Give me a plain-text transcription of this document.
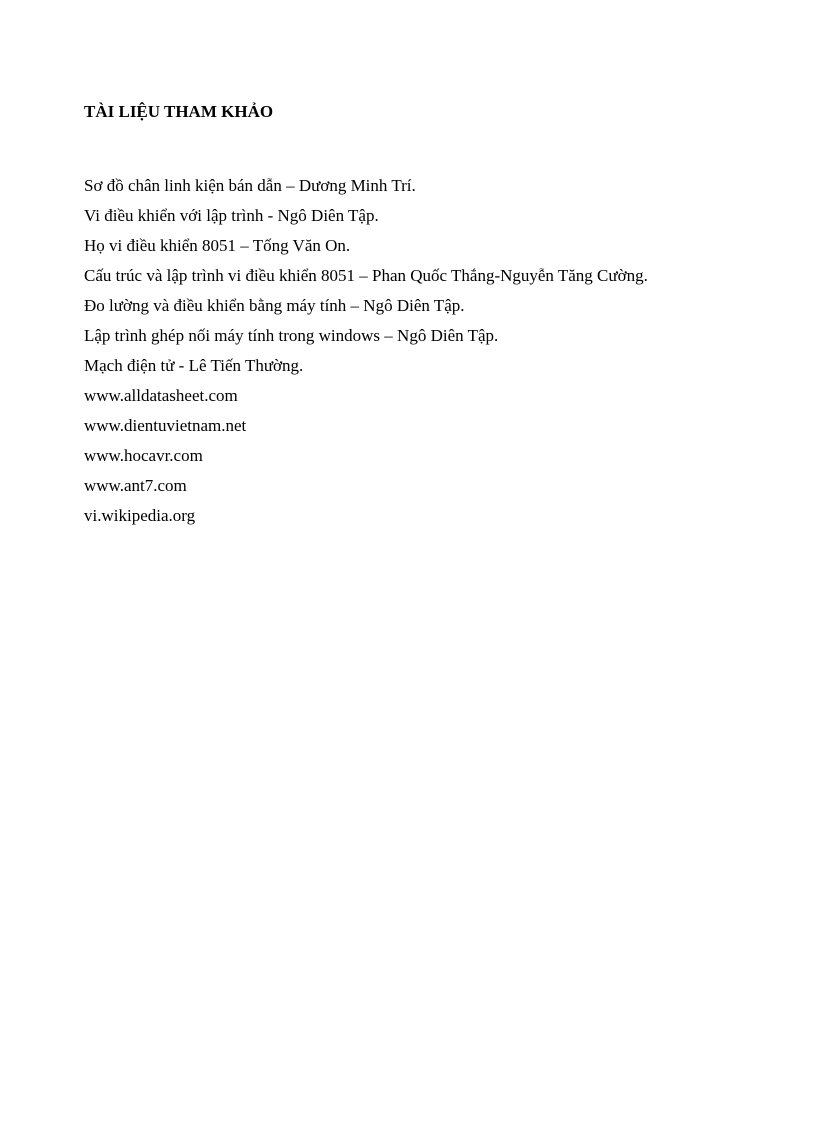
TÀI LIỆU THAM KHẢO
Sơ đồ chân linh kiện bán dẫn – Dương Minh Trí.
Vi điều khiển với lập trình - Ngô Diên Tập.
Họ vi điều khiển 8051 – Tống Văn On.
Cấu trúc và lập trình vi điều khiển 8051 – Phan Quốc Thắng-Nguyễn Tăng Cường.
Đo lường và điều khiển bằng máy tính – Ngô Diên Tập.
Lập trình ghép nối máy tính trong windows – Ngô Diên Tập.
Mạch điện tử - Lê Tiến Thường.
www.alldatasheet.com
www.dientuvietnam.net
www.hocavr.com
www.ant7.com
vi.wikipedia.org
